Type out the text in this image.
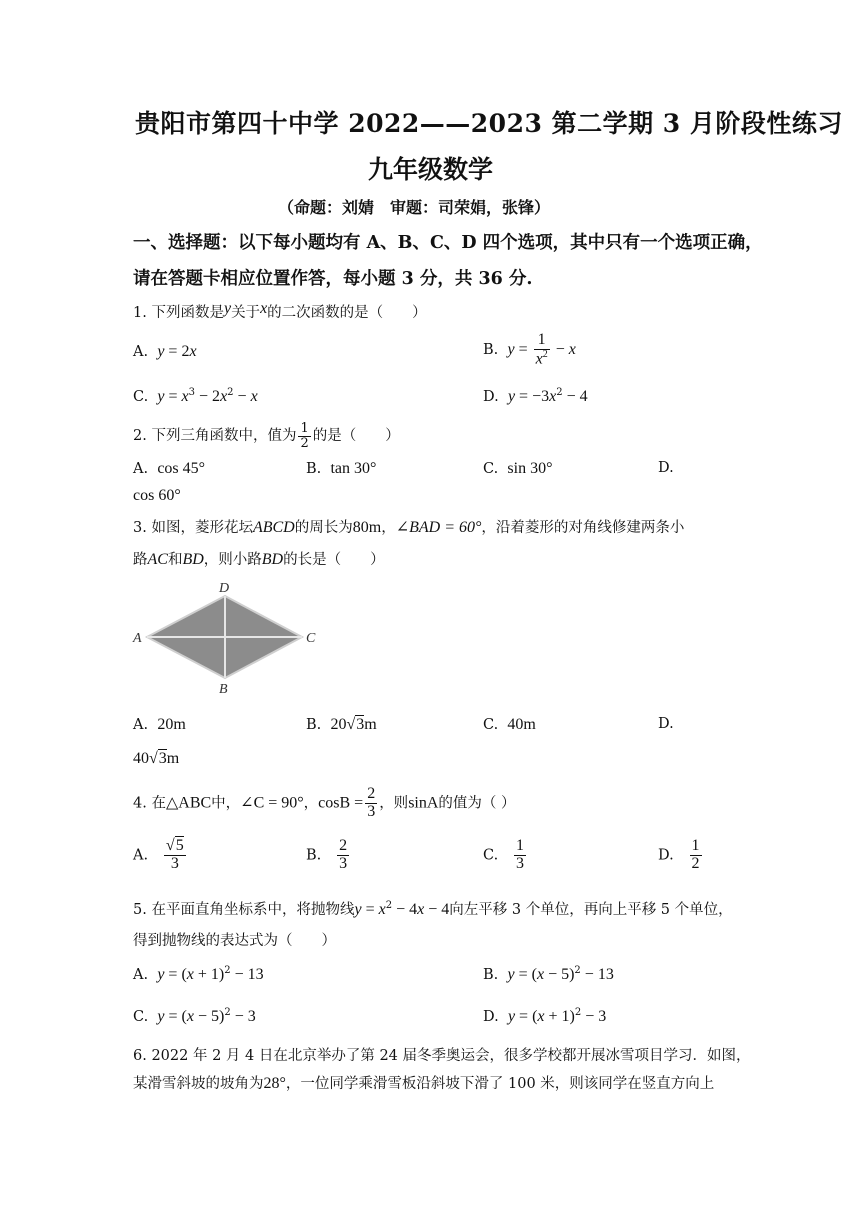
贵阳市第四十中学 2022——2023 第二学期 3 月阶段性练习
九年级数学
（命题：刘婧　审题：司荣娟，张锋）
一、选择题：以下每小题均有 A、B、C、D 四个选项，其中只有一个选项正确，
请在答题卡相应位置作答，每小题 3 分，共 36 分.
1. 下列函数是y关于x的二次函数的是（　　）
A. y = 2x	B. $y = \frac{1}{x^2} - x$
C. $y = x^3 - 2x^2 - x$	D. $y = -3x^2 - 4$
2. 下列三角函数中，值为 $\frac{1}{2}$ 的是（　　）
A. cos 45°	B. tan 30°	C. sin 30°	D.
cos 60°
3. 如图，菱形花坛ABCD的周长为80m，∠BAD = 60°，沿着菱形的对角线修建两条小
路AC和BD，则小路BD的长是（　　）
A	C
D
B
A. 20m	B. 20√3m	C. 40m	D.
40√3m
4. 在△ABC中，∠C = 90°，$\cos B = \frac{2}{3}$ ，则sinA的值为（ ）
A. $\frac{√5}{3}$	B. $\frac{2}{3}$	C. $\frac{1}{3}$	D. $\frac{1}{2}$
5. 在平面直角坐标系中，将抛物线$y = x^2 - 4x - 4$向左平移 3 个单位，再向上平移 5 个单位，
得到抛物线的表达式为（　　）
A. $y = (x + 1)^2 - 13$	B. $y = (x - 5)^2 - 13$
C. $y = (x - 5)^2 - 3$	D. $y = (x + 1)^2 - 3$
6. 2022 年 2 月 4 日在北京举办了第 24 届冬季奥运会，很多学校都开展冰雪项目学习．如图，
某滑雪斜坡的坡角为28°，一位同学乘滑雪板沿斜坡下滑了 100 米，则该同学在竖直方向上
